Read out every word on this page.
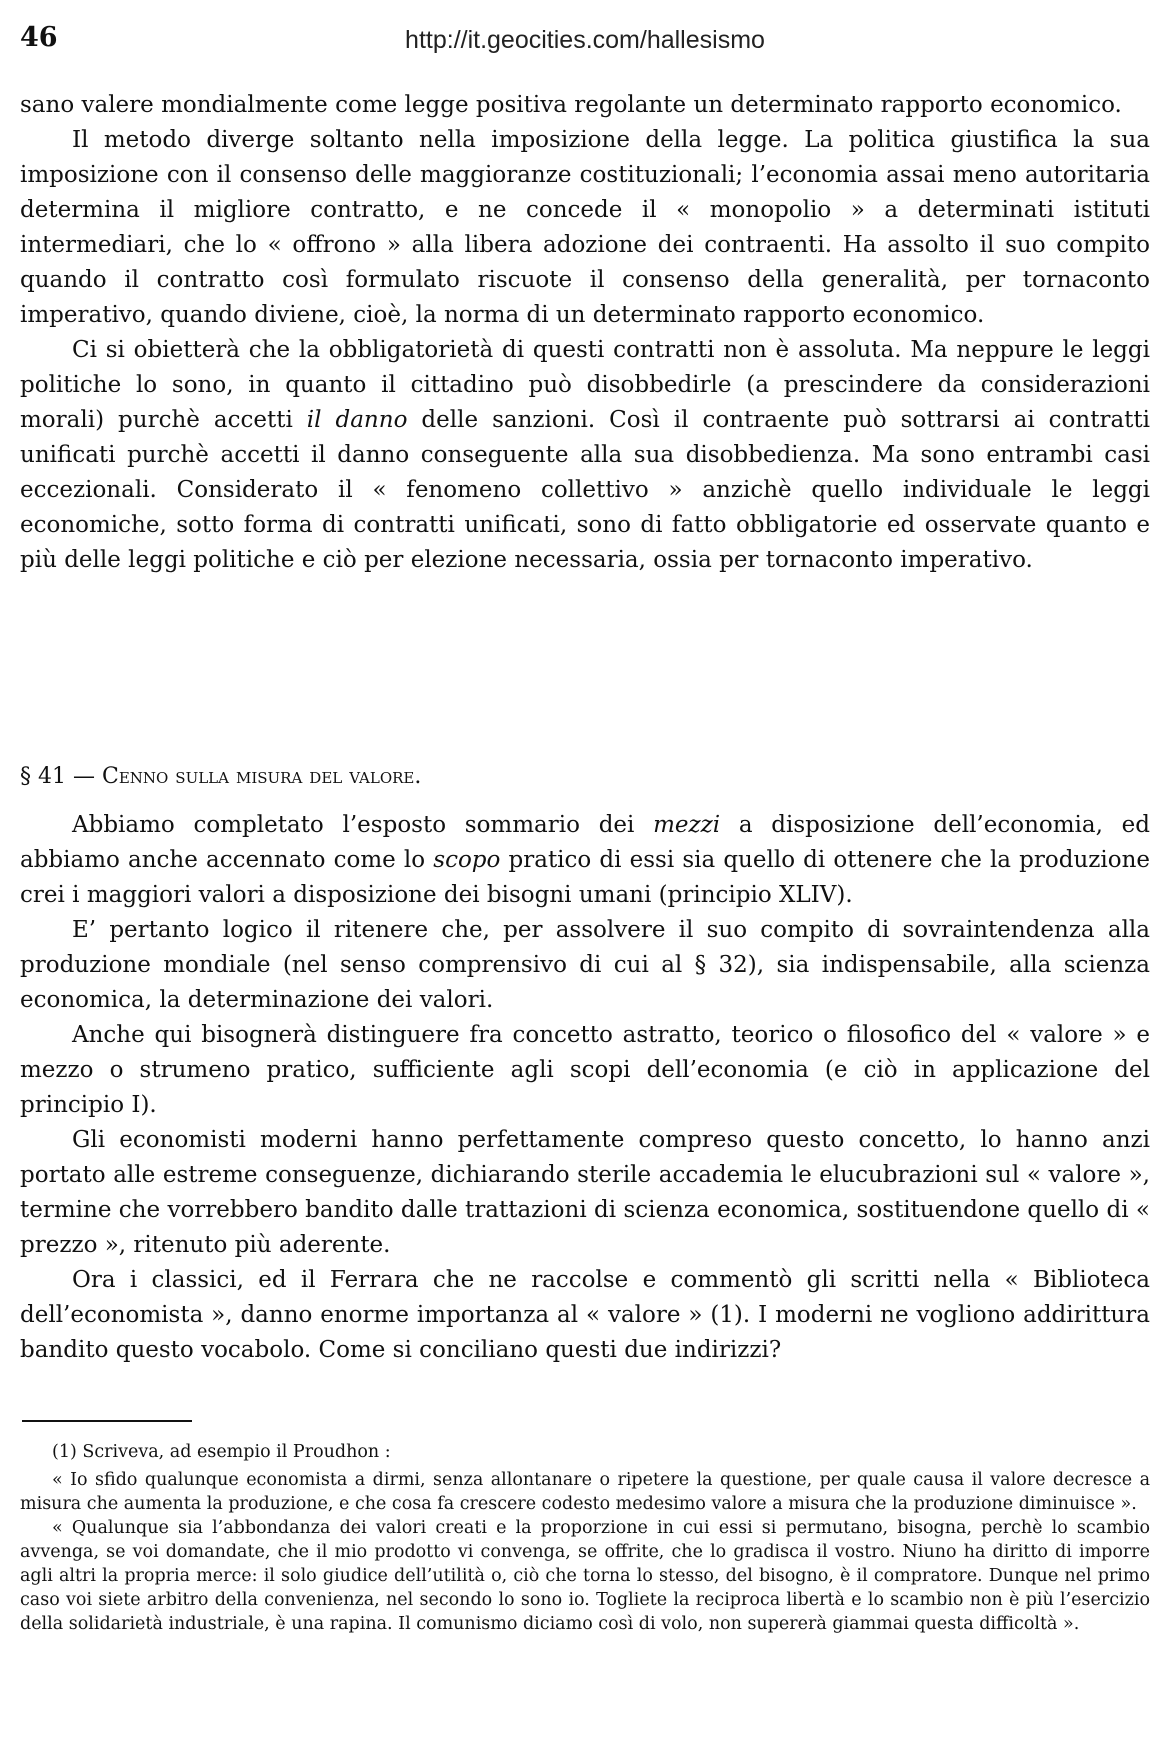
46	http://it.geocities.com/hallesismo

sano valere mondialmente come legge positiva regolante un determinato rapporto economico.

Il metodo diverge soltanto nella imposizione della legge. La politica giustifica la sua imposizione con il consenso delle maggioranze costituzionali; l’economia assai meno autoritaria determina il migliore contratto, e ne concede il « monopolio » a determinati istituti intermediari, che lo « offrono » alla libera adozione dei contraenti. Ha assolto il suo compito quando il contratto così formulato riscuote il consenso della generalità, per tornaconto imperativo, quando diviene, cioè, la norma di un determinato rapporto economico.

Ci si obietterà che la obbligatorietà di questi contratti non è assoluta. Ma neppure le leggi politiche lo sono, in quanto il cittadino può disobbedirle (a prescindere da considerazioni morali) purchè accetti il danno delle sanzioni. Così il contraente può sottrarsi ai contratti unificati purchè accetti il danno conseguente alla sua disobbedienza. Ma sono entrambi casi eccezionali. Considerato il « fenomeno collettivo » anzichè quello individuale le leggi economiche, sotto forma di contratti unificati, sono di fatto obbligatorie ed osservate quanto e più delle leggi politiche e ciò per elezione necessaria, ossia per tornaconto imperativo.

§ 41 — Cenno sulla misura del valore.

Abbiamo completato l’esposto sommario dei mezzi a disposizione dell’economia, ed abbiamo anche accennato come lo scopo pratico di essi sia quello di ottenere che la produzione crei i maggiori valori a disposizione dei bisogni umani (principio XLIV).

E’ pertanto logico il ritenere che, per assolvere il suo compito di sovraintendenza alla produzione mondiale (nel senso comprensivo di cui al § 32), sia indispensabile, alla scienza economica, la determinazione dei valori.

Anche qui bisognerà distinguere fra concetto astratto, teorico o filosofico del « valore » e mezzo o strumeno pratico, sufficiente agli scopi dell’economia (e ciò in applicazione del principio I).

Gli economisti moderni hanno perfettamente compreso questo concetto, lo hanno anzi portato alle estreme conseguenze, dichiarando sterile accademia le elucubrazioni sul « valore », termine che vorrebbero bandito dalle trattazioni di scienza economica, sostituendone quello di « prezzo », ritenuto più aderente.

Ora i classici, ed il Ferrara che ne raccolse e commentò gli scritti nella « Biblioteca dell’economista », danno enorme importanza al « valore » (1). I moderni ne vogliono addirittura bandito questo vocabolo. Come si conciliano questi due indirizzi?

(1) Scriveva, ad esempio il Proudhon :

« Io sfido qualunque economista a dirmi, senza allontanare o ripetere la questione, per quale causa il valore decresce a misura che aumenta la produzione, e che cosa fa crescere codesto medesimo valore a misura che la produzione diminuisce ».

« Qualunque sia l’abbondanza dei valori creati e la proporzione in cui essi si permutano, bisogna, perchè lo scambio avvenga, se voi domandate, che il mio prodotto vi convenga, se offrite, che lo gradisca il vostro. Niuno ha diritto di imporre agli altri la propria merce: il solo giudice dell’utilità o, ciò che torna lo stesso, del bisogno, è il compratore. Dunque nel primo caso voi siete arbitro della convenienza, nel secondo lo sono io. Togliete la reciproca libertà e lo scambio non è più l’esercizio della solidarietà industriale, è una rapina. Il comunismo diciamo così di volo, non supererà giammai questa difficoltà ».
